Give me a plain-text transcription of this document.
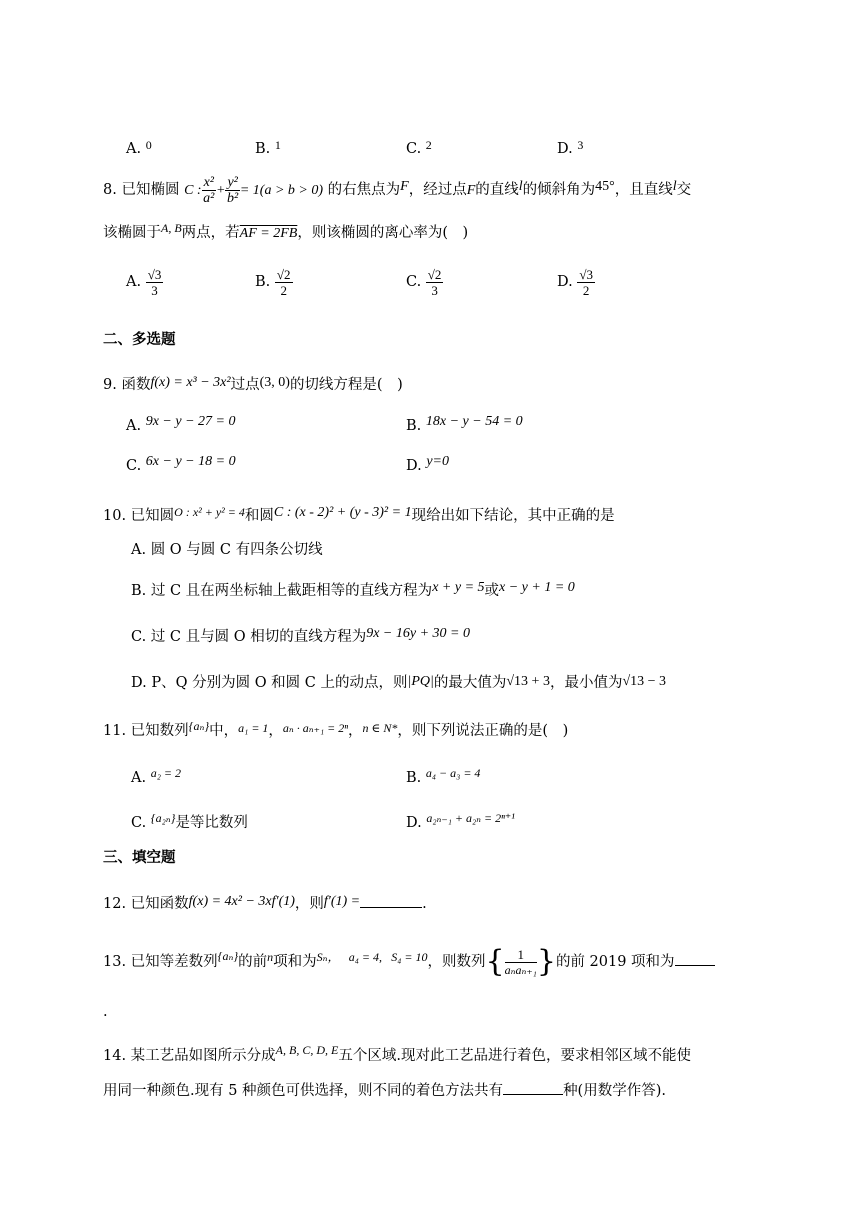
A. $^0$	B. $^1$	C. $^2$	D. $^3$
8. 已知椭圆 C : $\frac{\text{x²}}{\text{a²}} + \frac{\text{y²}}{\text{b²}} = 1(a > b > 0)$ 的右焦点为F，经过点F的直线l的倾斜角为45°，且直线l交
该椭圆于$^{A, B}$两点，若AF = 2FB，则该椭圆的离心率为(　)
A. $\frac{√3}{3}$	B. $\frac{√2}{2}$	C. $\frac{√2}{3}$	D. $\frac{√3}{2}$
二、多选题
9. 函数f(x) = x³ − 3x²过点(3, 0)的切线方程是(　)
A. 9x − y − 27 = 0	B. 18x − y − 54 = 0
C. 6x − y − 18 = 0	D. y=0
10. 已知圆$^{O : x^2 + y^2 = 4}$和圆C : (x - 2)² + (y - 3)² = 1现给出如下结论，其中正确的是
A. 圆 O 与圆 C 有四条公切线
B. 过 C 且在两坐标轴上截距相等的直线方程为x + y = 5或x − y + 1 = 0
C. 过 C 且与圆 O 相切的直线方程为9x − 16y + 30 = 0
D. P、Q 分别为圆 O 和圆 C 上的动点，则|PQ|的最大值为√13 + 3，最小值为√13 − 3
11. 已知数列$^{\{a_n\}}$中，$^{a_1 = 1}$，$^{a_n \cdot a_{n+1} = 2^n}$，$^{n \in N*}$，则下列说法正确的是(　)
A. $^{a_2 = 2}$	B. $^{a_4 - a_3 = 4}$
C. $^{\{a_{2n}\}}$是等比数列	D. $^{a_{2n-1} + a_{2n} = 2^{n+1}}$
三、填空题
12. 已知函数f(x) = 4x² − 3xf′(1)，则f′(1) =	.
13. 已知等差数列$^{\{a_n\}}$的前$^n$项和为$^{S_n,}$ $^{a_4 = 4,}$ $^{S_4 = 10}$，则数列{ $\frac{1}{\text{aₙaₙ₊₁}}$ }的前 2019 项和为
.
14. 某工艺品如图所示分成$^{A, B, C, D, E}$五个区域.现对此工艺品进行着色，要求相邻区域不能使
用同一种颜色.现有 5 种颜色可供选择，则不同的着色方法共有	种(用数学作答).
